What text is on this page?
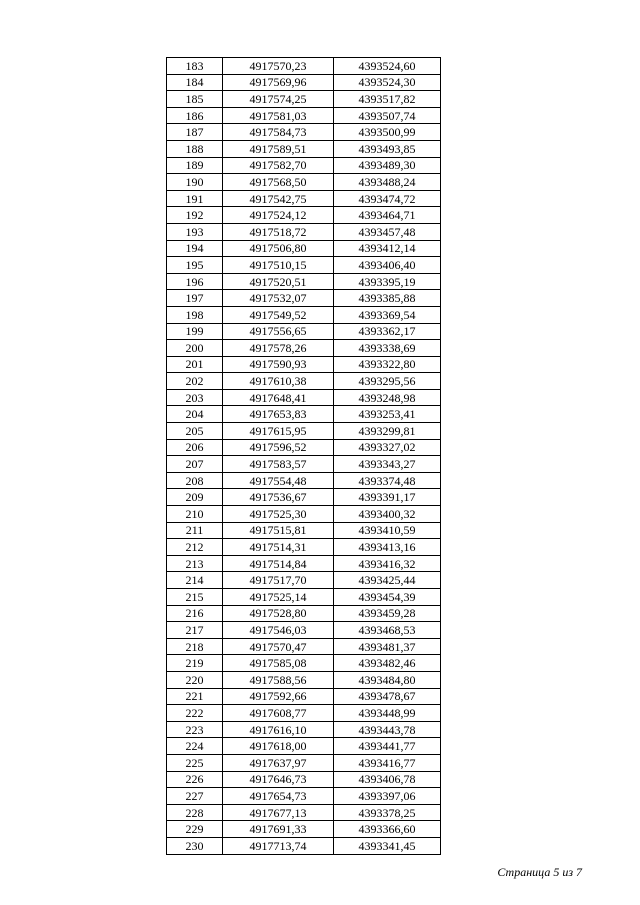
183	4917570,23	4393524,60
184	4917569,96	4393524,30
185	4917574,25	4393517,82
186	4917581,03	4393507,74
187	4917584,73	4393500,99
188	4917589,51	4393493,85
189	4917582,70	4393489,30
190	4917568,50	4393488,24
191	4917542,75	4393474,72
192	4917524,12	4393464,71
193	4917518,72	4393457,48
194	4917506,80	4393412,14
195	4917510,15	4393406,40
196	4917520,51	4393395,19
197	4917532,07	4393385,88
198	4917549,52	4393369,54
199	4917556,65	4393362,17
200	4917578,26	4393338,69
201	4917590,93	4393322,80
202	4917610,38	4393295,56
203	4917648,41	4393248,98
204	4917653,83	4393253,41
205	4917615,95	4393299,81
206	4917596,52	4393327,02
207	4917583,57	4393343,27
208	4917554,48	4393374,48
209	4917536,67	4393391,17
210	4917525,30	4393400,32
211	4917515,81	4393410,59
212	4917514,31	4393413,16
213	4917514,84	4393416,32
214	4917517,70	4393425,44
215	4917525,14	4393454,39
216	4917528,80	4393459,28
217	4917546,03	4393468,53
218	4917570,47	4393481,37
219	4917585,08	4393482,46
220	4917588,56	4393484,80
221	4917592,66	4393478,67
222	4917608,77	4393448,99
223	4917616,10	4393443,78
224	4917618,00	4393441,77
225	4917637,97	4393416,77
226	4917646,73	4393406,78
227	4917654,73	4393397,06
228	4917677,13	4393378,25
229	4917691,33	4393366,60
230	4917713,74	4393341,45
Страница 5 из 7
